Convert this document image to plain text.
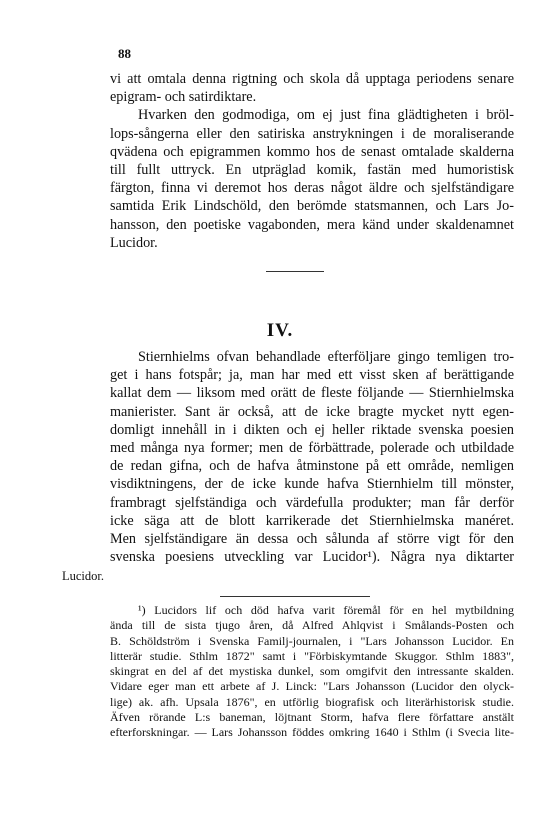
88
vi att omtala denna rigtning och skola då upptaga periodens senare
epigram- och satirdiktare.
Hvarken den godmodiga, om ej just fina glädtigheten i bröl-
lops-sångerna eller den satiriska anstrykningen i de moraliserande
qvädena och epigrammen kommo hos de senast omtalade skalderna
till fullt uttryck. En utpräglad komik, fastän med humoristisk
färgton, finna vi deremot hos deras något äldre och sjelfständigare
samtida Erik Lindschöld, den berömde statsmannen, och Lars Jo-
hansson, den poetiske vagabonden, mera känd under skaldenamnet
Lucidor.
IV.
Stiernhielms ofvan behandlade efterföljare gingo temligen tro-
get i hans fotspår; ja, man har med ett visst sken af berättigande
kallat dem — liksom med orätt de fleste följande — Stiernhielmska
manierister. Sant är också, att de icke bragte mycket nytt egen-
domligt innehåll in i dikten och ej heller riktade svenska poesien
med många nya former; men de förbättrade, polerade och utbildade
de redan gifna, och de hafva åtminstone på ett område, nemligen
visdiktningens, der de icke kunde hafva Stiernhielm till mönster,
frambragt sjelfständiga och värdefulla produkter; man får derför
icke säga att de blott karrikerade det Stiernhielmska manéret.
Men sjelfständigare än dessa och sålunda af större vigt för den
svenska poesiens utveckling var Lucidor¹). Några nya diktarter
Lucidor.
¹) Lucidors lif och död hafva varit föremål för en hel mytbildning
ända till de sista tjugo åren, då Alfred Ahlqvist i Smålands-Posten och
B. Schöldström i Svenska Familj-journalen, i "Lars Johansson Lucidor. En
litterär studie. Sthlm 1872" samt i "Förbiskymtande Skuggor. Sthlm 1883",
skingrat en del af det mystiska dunkel, som omgifvit den intressante skalden.
Vidare eger man ett arbete af J. Linck: "Lars Johansson (Lucidor den olyck-
lige) ak. afh. Upsala 1876", en utförlig biografisk och literärhistorisk studie.
Äfven rörande L:s baneman, löjtnant Storm, hafva flere författare anstält
efterforskningar. — Lars Johansson föddes omkring 1640 i Sthlm (i Svecia lite-
